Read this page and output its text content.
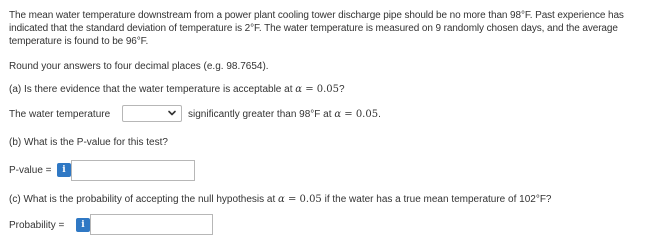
The mean water temperature downstream from a power plant cooling tower discharge pipe should be no more than 98°F. Past experience has indicated that the standard deviation of temperature is 2°F. The water temperature is measured on 9 randomly chosen days, and the average temperature is found to be 96°F.
Round your answers to four decimal places (e.g. 98.7654).
(a) Is there evidence that the water temperature is acceptable at α = 0.05?
The water temperature	significantly greater than 98°F at α = 0.05.
(b) What is the P-value for this test?
P-value =	i
(c) What is the probability of accepting the null hypothesis at α = 0.05 if the water has a true mean temperature of 102°F?
Probability =	i
